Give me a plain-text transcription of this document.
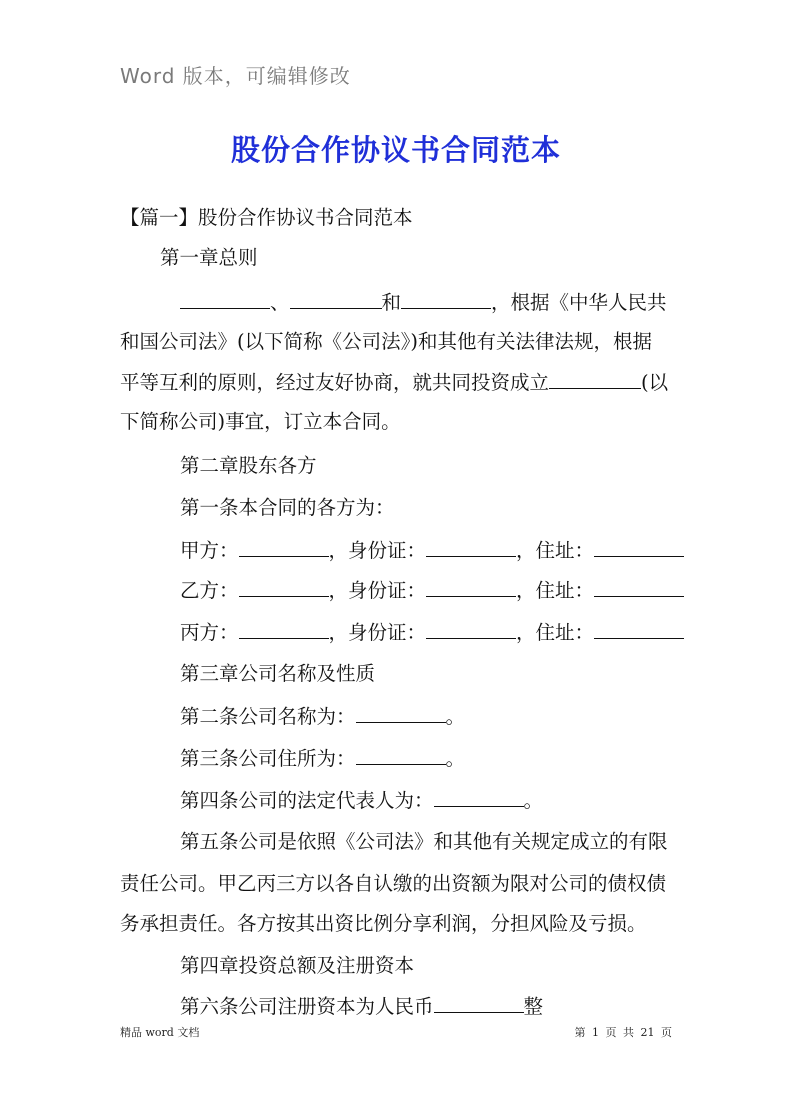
Word 版本，可编辑修改
股份合作协议书合同范本
【篇一】股份合作协议书合同范本
第一章总则
、	和	，根据《中华人民共
和国公司法》(以下简称《公司法》)和其他有关法律法规，根据
平等互利的原则，经过友好协商，就共同投资成立	(以
下简称公司)事宜，订立本合同。
第二章股东各方
第一条本合同的各方为：
甲方：	，身份证：	，住址：
乙方：	，身份证：	，住址：
丙方：	，身份证：	，住址：
第三章公司名称及性质
第二条公司名称为：	。
第三条公司住所为：	。
第四条公司的法定代表人为：	。
第五条公司是依照《公司法》和其他有关规定成立的有限
责任公司。甲乙丙三方以各自认缴的出资额为限对公司的债权债
务承担责任。各方按其出资比例分享利润，分担风险及亏损。
第四章投资总额及注册资本
第六条公司注册资本为人民币	整
精品 word 文档	第 1 页 共 21 页
